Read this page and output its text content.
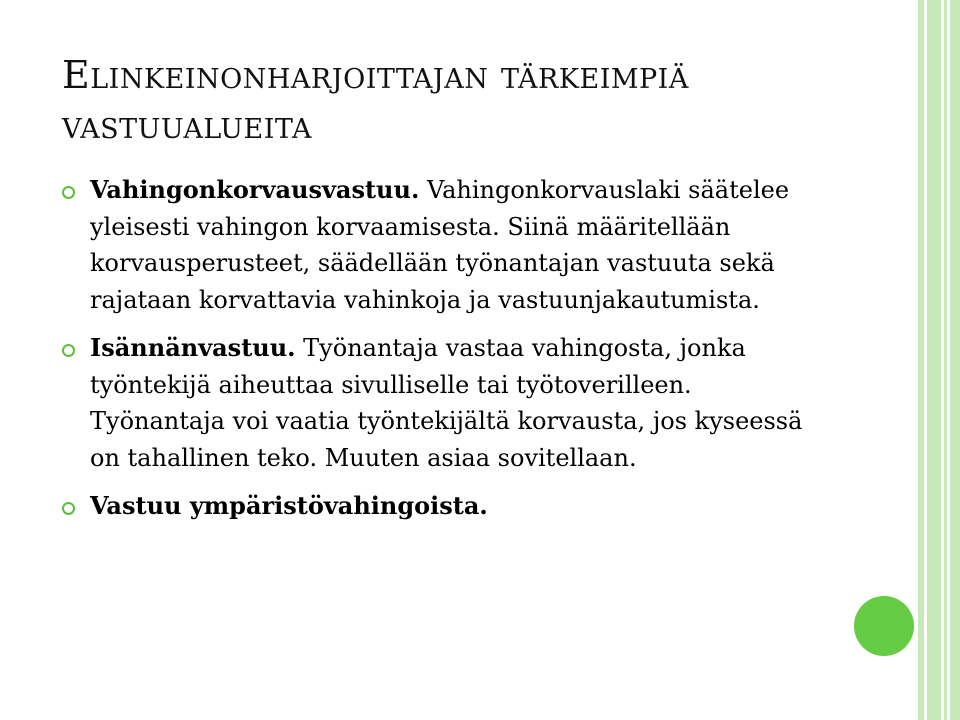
Elinkeinonharjoittajan tärkeimpiä vastuualueita
Vahingonkorvausvastuu. Vahingonkorvauslaki säätelee yleisesti vahingon korvaamisesta. Siinä määritellään korvausperusteet, säädellään työnantajan vastuuta sekä rajataan korvattavia vahinkoja ja vastuunjakautumista.
Isännänvastuu. Työnantaja vastaa vahingosta, jonka työntekijä aiheuttaa sivulliselle tai työtoverilleen. Työnantaja voi vaatia työntekijältä korvausta, jos kyseessä on tahallinen teko. Muuten asiaa sovitellaan.
Vastuu ympäristövahingoista.
